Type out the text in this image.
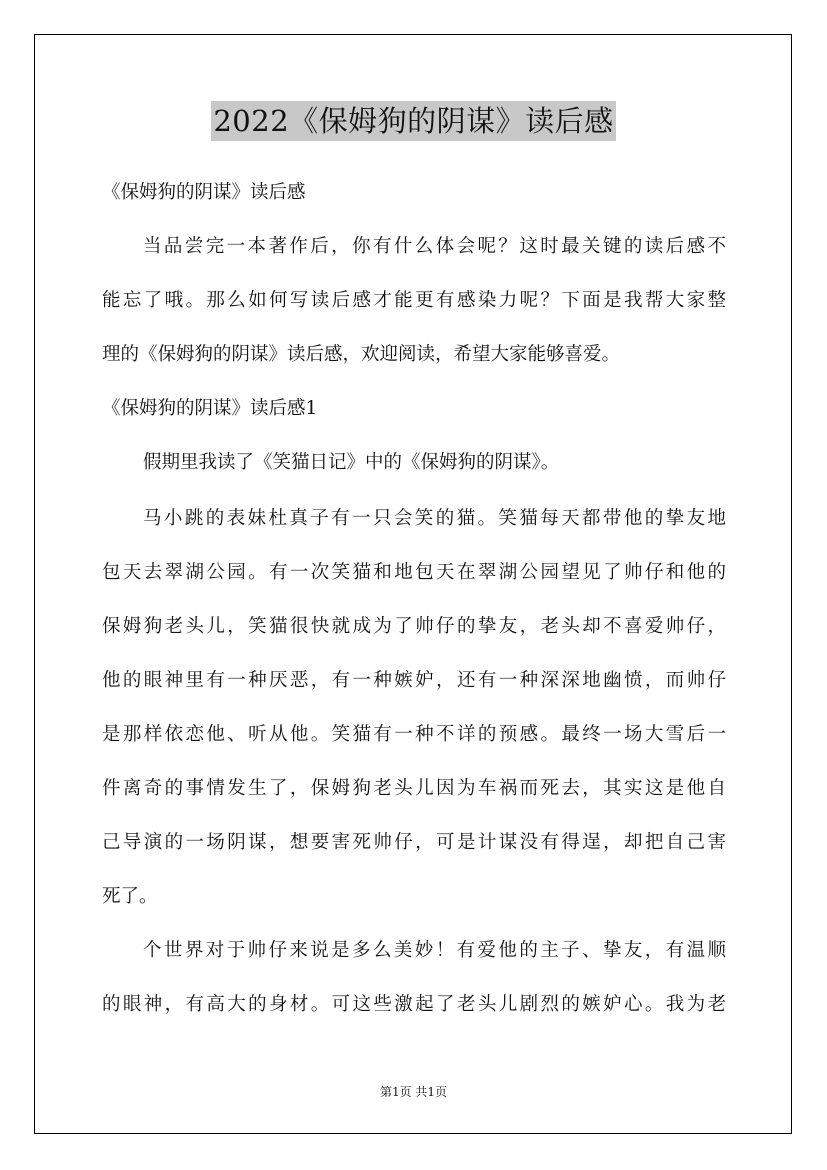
2022《保姆狗的阴谋》读后感
《保姆狗的阴谋》读后感
当品尝完一本著作后，你有什么体会呢？这时最关键的读后感不
能忘了哦。那么如何写读后感才能更有感染力呢？下面是我帮大家整
理的《保姆狗的阴谋》读后感，欢迎阅读，希望大家能够喜爱。
《保姆狗的阴谋》读后感1
假期里我读了《笑猫日记》中的《保姆狗的阴谋》。
马小跳的表妹杜真子有一只会笑的猫。笑猫每天都带他的挚友地
包天去翠湖公园。有一次笑猫和地包天在翠湖公园望见了帅仔和他的
保姆狗老头儿，笑猫很快就成为了帅仔的挚友，老头却不喜爱帅仔，
他的眼神里有一种厌恶，有一种嫉妒，还有一种深深地幽愤，而帅仔
是那样依恋他、听从他。笑猫有一种不详的预感。最终一场大雪后一
件离奇的事情发生了，保姆狗老头儿因为车祸而死去，其实这是他自
己导演的一场阴谋，想要害死帅仔，可是计谋没有得逞，却把自己害
死了。
个世界对于帅仔来说是多么美妙！有爱他的主子、挚友，有温顺
的眼神，有高大的身材。可这些激起了老头儿剧烈的嫉妒心。我为老
第1页 共1页
